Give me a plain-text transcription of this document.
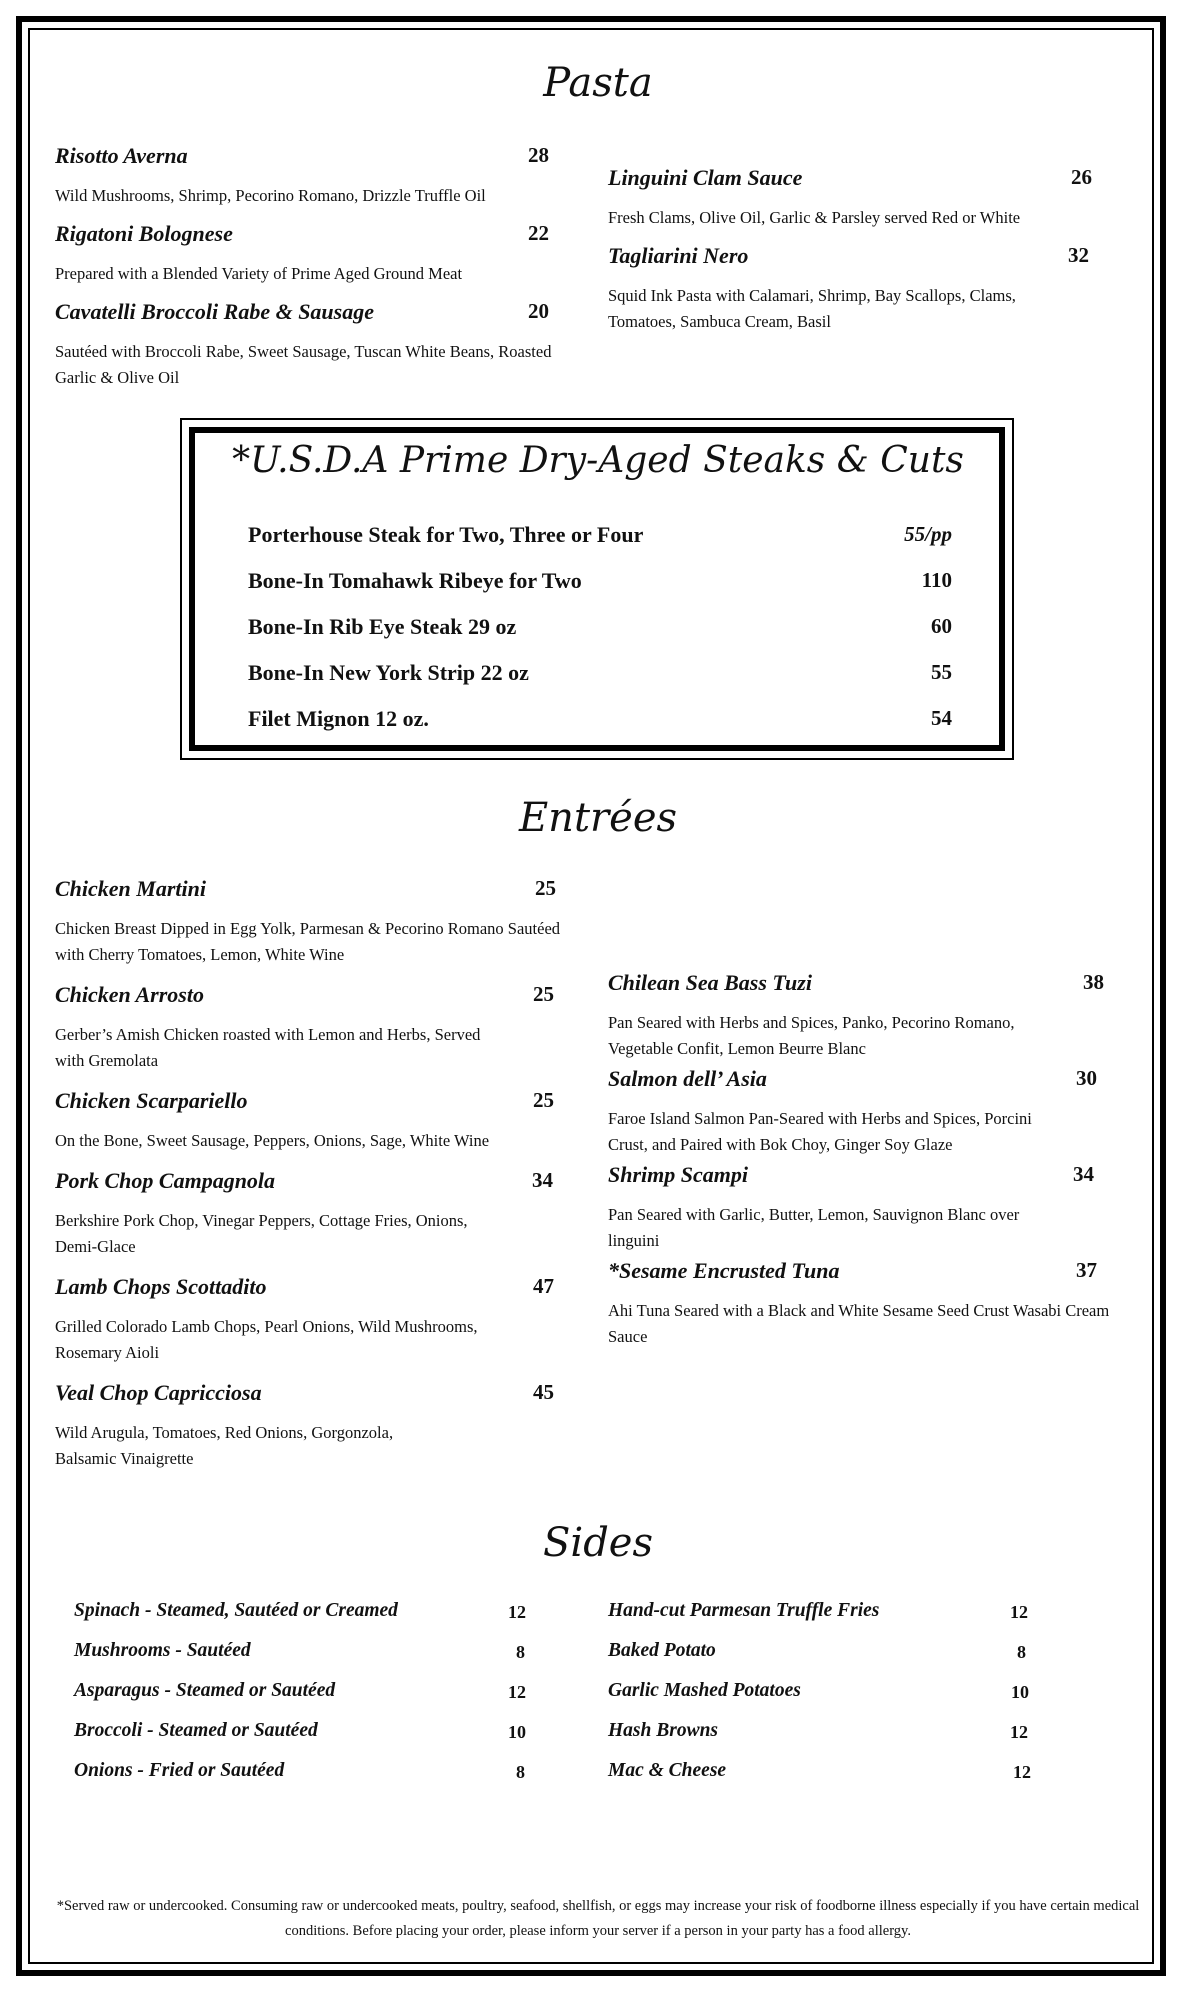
Pasta
Risotto Averna	28
Wild Mushrooms, Shrimp, Pecorino Romano, Drizzle Truffle Oil
Rigatoni Bolognese	22
Prepared with a Blended Variety of Prime Aged Ground Meat
Cavatelli Broccoli Rabe & Sausage	20
Sautéed with Broccoli Rabe, Sweet Sausage, Tuscan White Beans, Roasted Garlic & Olive Oil
Linguini Clam Sauce	26
Fresh Clams, Olive Oil, Garlic & Parsley served Red or White
Tagliarini Nero	32
Squid Ink Pasta with Calamari, Shrimp, Bay Scallops, Clams, Tomatoes, Sambuca Cream, Basil
*U.S.D.A Prime Dry-Aged Steaks & Cuts
Porterhouse Steak for Two, Three or Four	55/pp
Bone-In Tomahawk Ribeye for Two	110
Bone-In Rib Eye Steak 29 oz	60
Bone-In New York Strip 22 oz	55
Filet Mignon 12 oz.	54
Entrées
Chicken Martini	25
Chicken Breast Dipped in Egg Yolk, Parmesan & Pecorino Romano Sautéed with Cherry Tomatoes, Lemon, White Wine
Chicken Arrosto	25
Gerber’s Amish Chicken roasted with Lemon and Herbs, Served with Gremolata
Chicken Scarpariello	25
On the Bone, Sweet Sausage, Peppers, Onions, Sage, White Wine
Pork Chop Campagnola	34
Berkshire Pork Chop, Vinegar Peppers, Cottage Fries, Onions, Demi-Glace
Lamb Chops Scottadito	47
Grilled Colorado Lamb Chops, Pearl Onions, Wild Mushrooms, Rosemary Aioli
Veal Chop Capricciosa	45
Wild Arugula, Tomatoes, Red Onions, Gorgonzola, Balsamic Vinaigrette
Chilean Sea Bass Tuzi	38
Pan Seared with Herbs and Spices, Panko, Pecorino Romano, Vegetable Confit, Lemon Beurre Blanc
Salmon dell’ Asia	30
Faroe Island Salmon Pan-Seared with Herbs and Spices, Porcini Crust, and Paired with Bok Choy, Ginger Soy Glaze
Shrimp Scampi	34
Pan Seared with Garlic, Butter, Lemon, Sauvignon Blanc over linguini
*Sesame Encrusted Tuna	37
Ahi Tuna Seared with a Black and White Sesame Seed Crust Wasabi Cream Sauce
Sides
Spinach - Steamed, Sautéed or Creamed	12
Mushrooms - Sautéed	8
Asparagus - Steamed or Sautéed	12
Broccoli - Steamed or Sautéed	10
Onions - Fried or Sautéed	8
Hand-cut Parmesan Truffle Fries	12
Baked Potato	8
Garlic Mashed Potatoes	10
Hash Browns	12
Mac & Cheese	12
*Served raw or undercooked. Consuming raw or undercooked meats, poultry, seafood, shellfish, or eggs may increase your risk of foodborne illness especially if you have certain medical conditions. Before placing your order, please inform your server if a person in your party has a food allergy.
